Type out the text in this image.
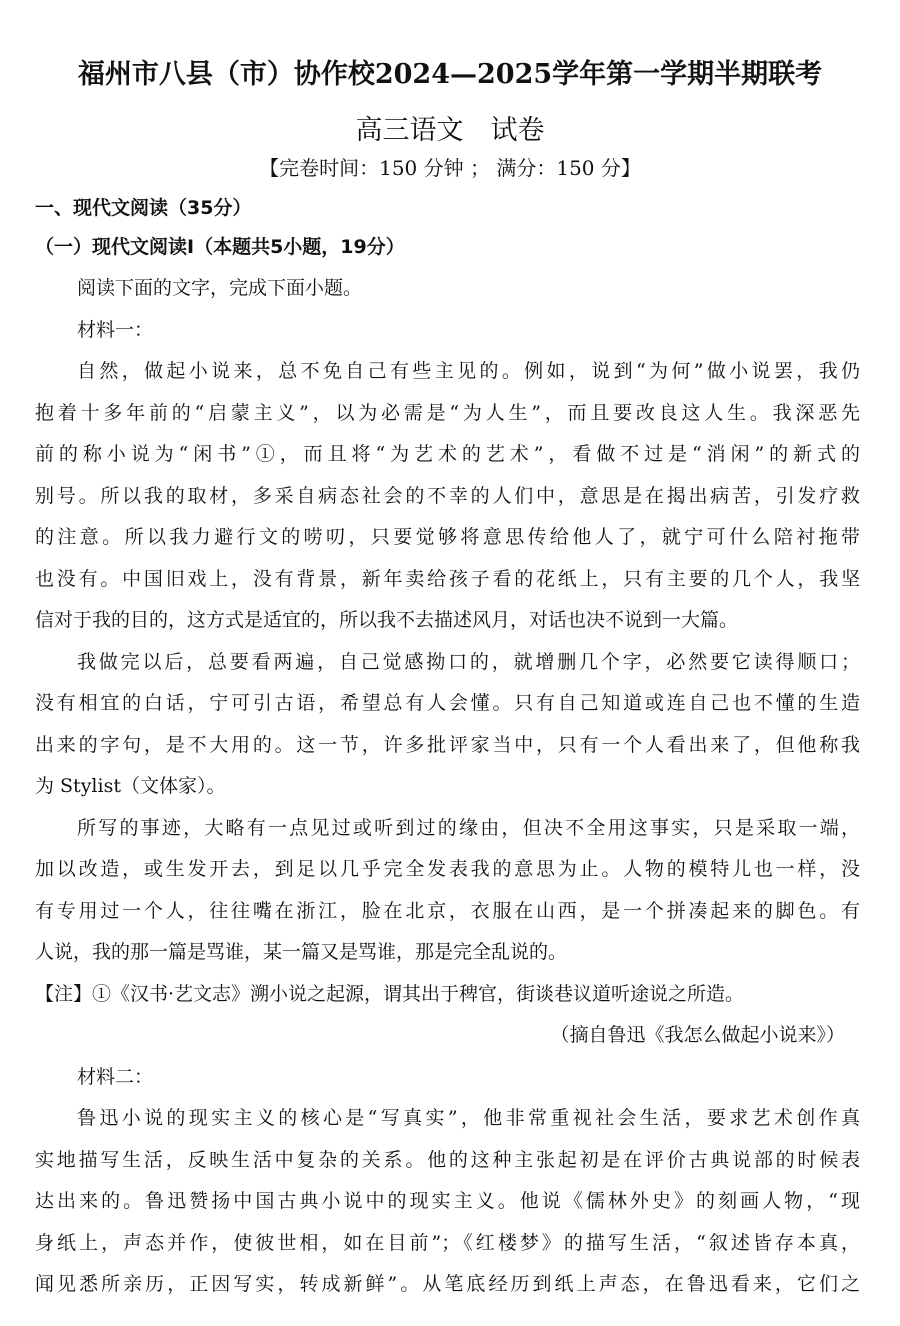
福州市八县（市）协作校2024—2025学年第一学期半期联考
高三语文　试卷
【完卷时间：150 分钟 ； 满分：150 分】
一、现代文阅读（35分）
（一）现代文阅读Ⅰ（本题共5小题，19分）
阅读下面的文字，完成下面小题。
材料一：
自然，做起小说来，总不免自己有些主见的。例如，说到“为何”做小说罢，我仍
抱着十多年前的“启蒙主义”，以为必需是“为人生”，而且要改良这人生。我深恶先
前的称小说为“闲书”①，而且将“为艺术的艺术”，看做不过是“消闲”的新式的
别号。所以我的取材，多采自病态社会的不幸的人们中，意思是在揭出病苦，引发疗救
的注意。所以我力避行文的唠叨，只要觉够将意思传给他人了，就宁可什么陪衬拖带
也没有。中国旧戏上，没有背景，新年卖给孩子看的花纸上，只有主要的几个人，我坚
信对于我的目的，这方式是适宜的，所以我不去描述风月，对话也决不说到一大篇。
我做完以后，总要看两遍，自己觉感拗口的，就增删几个字，必然要它读得顺口；
没有相宜的白话，宁可引古语，希望总有人会懂。只有自己知道或连自己也不懂的生造
出来的字句，是不大用的。这一节，许多批评家当中，只有一个人看出来了，但他称我
为 Stylist（文体家）。
所写的事迹，大略有一点见过或听到过的缘由，但决不全用这事实，只是采取一端，
加以改造，或生发开去，到足以几乎完全发表我的意思为止。人物的模特儿也一样，没
有专用过一个人，往往嘴在浙江，脸在北京，衣服在山西，是一个拼凑起来的脚色。有
人说，我的那一篇是骂谁，某一篇又是骂谁，那是完全乱说的。
【注】①《汉书·艺文志》溯小说之起源，谓其出于稗官，街谈巷议道听途说之所造。
（摘自鲁迅《我怎么做起小说来》）
材料二：
鲁迅小说的现实主义的核心是“写真实”，他非常重视社会生活，要求艺术创作真
实地描写生活，反映生活中复杂的关系。他的这种主张起初是在评价古典说部的时候表
达出来的。鲁迅赞扬中国古典小说中的现实主义。他说《儒林外史》的刻画人物，“现
身纸上，声态并作，使彼世相，如在目前”；《红楼梦》的描写生活，“叙述皆存本真，
闻见悉所亲历，正因写实，转成新鲜”。从笔底经历到纸上声态，在鲁迅看来，它们之
